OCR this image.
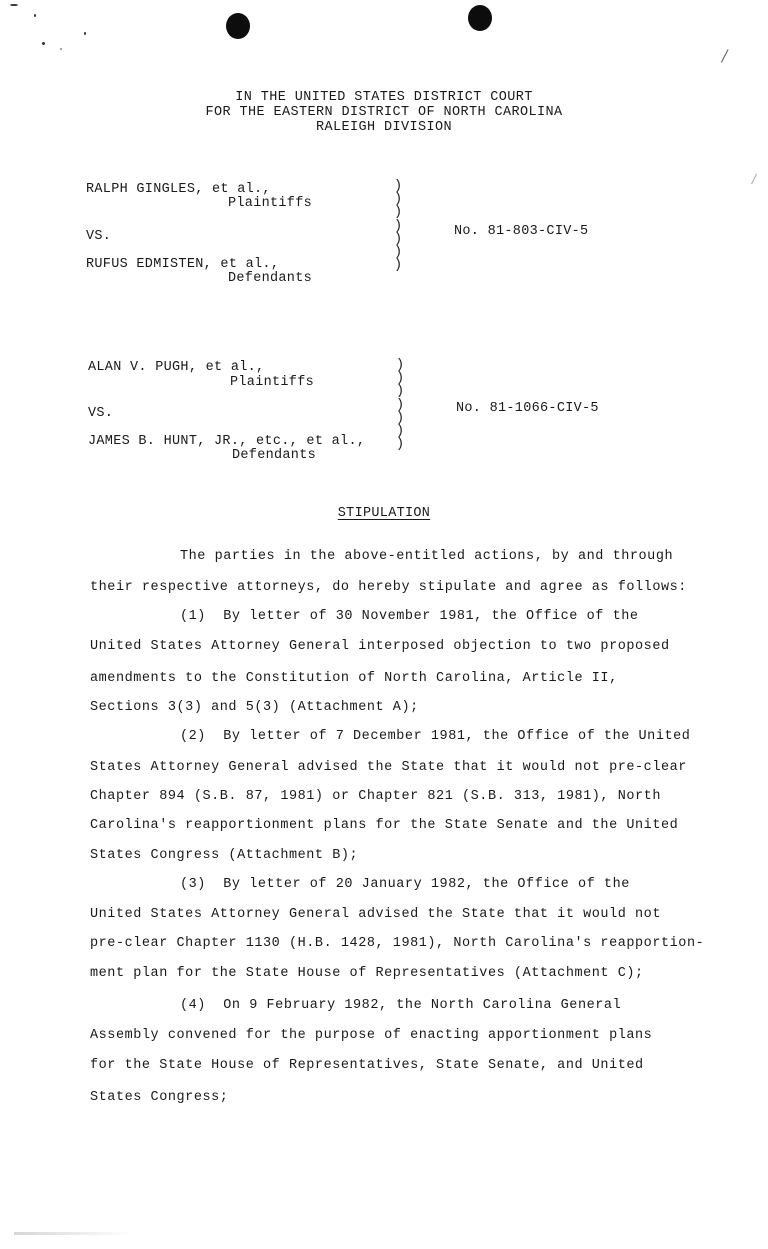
/
/
IN THE UNITED STATES DISTRICT COURT
FOR THE EASTERN DISTRICT OF NORTH CAROLINA
RALEIGH DIVISION
RALPH GINGLES, et al.,
Plaintiffs
VS.
RUFUS EDMISTEN, et al.,
Defendants
)
)
)
)
)
)
)
No. 81-803-CIV-5
ALAN V. PUGH, et al.,
Plaintiffs
VS.
JAMES B. HUNT, JR., etc., et al.,
Defendants
)
)
)
)
)
)
)
No. 81-1066-CIV-5
STIPULATION
The parties in the above-entitled actions, by and through
their respective attorneys, do hereby stipulate and agree as follows:
(1)  By letter of 30 November 1981, the Office of the
United States Attorney General interposed objection to two proposed
amendments to the Constitution of North Carolina, Article II,
Sections 3(3) and 5(3) (Attachment A);
(2)  By letter of 7 December 1981, the Office of the United
States Attorney General advised the State that it would not pre-clear
Chapter 894 (S.B. 87, 1981) or Chapter 821 (S.B. 313, 1981), North
Carolina's reapportionment plans for the State Senate and the United
States Congress (Attachment B);
(3)  By letter of 20 January 1982, the Office of the
United States Attorney General advised the State that it would not
pre-clear Chapter 1130 (H.B. 1428, 1981), North Carolina's reapportion-
ment plan for the State House of Representatives (Attachment C);
(4)  On 9 February 1982, the North Carolina General
Assembly convened for the purpose of enacting apportionment plans
for the State House of Representatives, State Senate, and United
States Congress;
